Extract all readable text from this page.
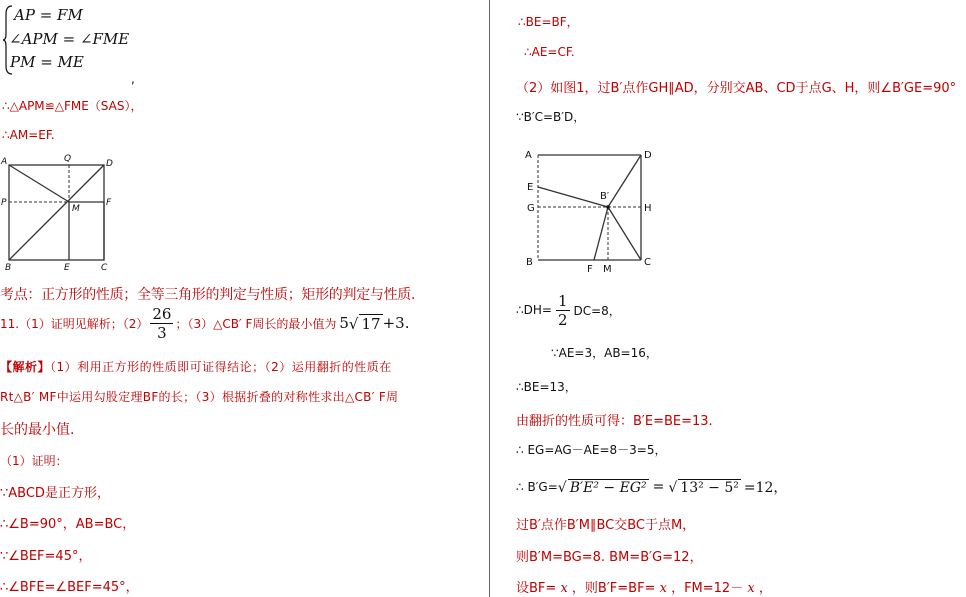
AP = FM
∠APM = ∠FME
PM = ME
,
∴△APM≌△FME（SAS），
∴AM=EF.
A	Q	D
P
M
F
B	E	C
考点：正方形的性质；全等三角形的判定与性质；矩形的判定与性质.
11.（1）证明见解析；$(2) \frac{26}{3}$ ；（3）△CB′ F周长的最小值为 5 √ 17 +3.
【解析】（1）利用正方形的性质即可证得结论；（2）运用翻折的性质在
Rt△B′ MF中运用勾股定理BF的长；（3）根据折叠的对称性求出△CB′ F周
长的最小值.
（1）证明：
∵ABCD是正方形，
∴∠B=90°，AB=BC，
∵∠BEF=45°，
∴∠BFE=∠BEF=45°，
∴BE=BF，
∴AE=CF.
（2）如图1，过B′点作GH∥AD，分别交AB、CD于点G、H，则∠B′GE=90°
∵B′C=B′D，
A	D
E
B′
G	H
B
F M
C
∴DH= $\frac{1}{2} DC=8$，
∵AE=3，AB=16，
∴BE=13，
由翻折的性质可得：B′E=BE=13.
∴ EG=AG－AE=8－3=5，
∴ B′G= √ B′E² − EG² = √ 13² − 5² =12，
过B′点作B′M∥BC交BC于点M，
则B′M=BG=8. BM=B′G=12，
设BF= x ，则B′F=BF= x ，FM=12－ x ，
